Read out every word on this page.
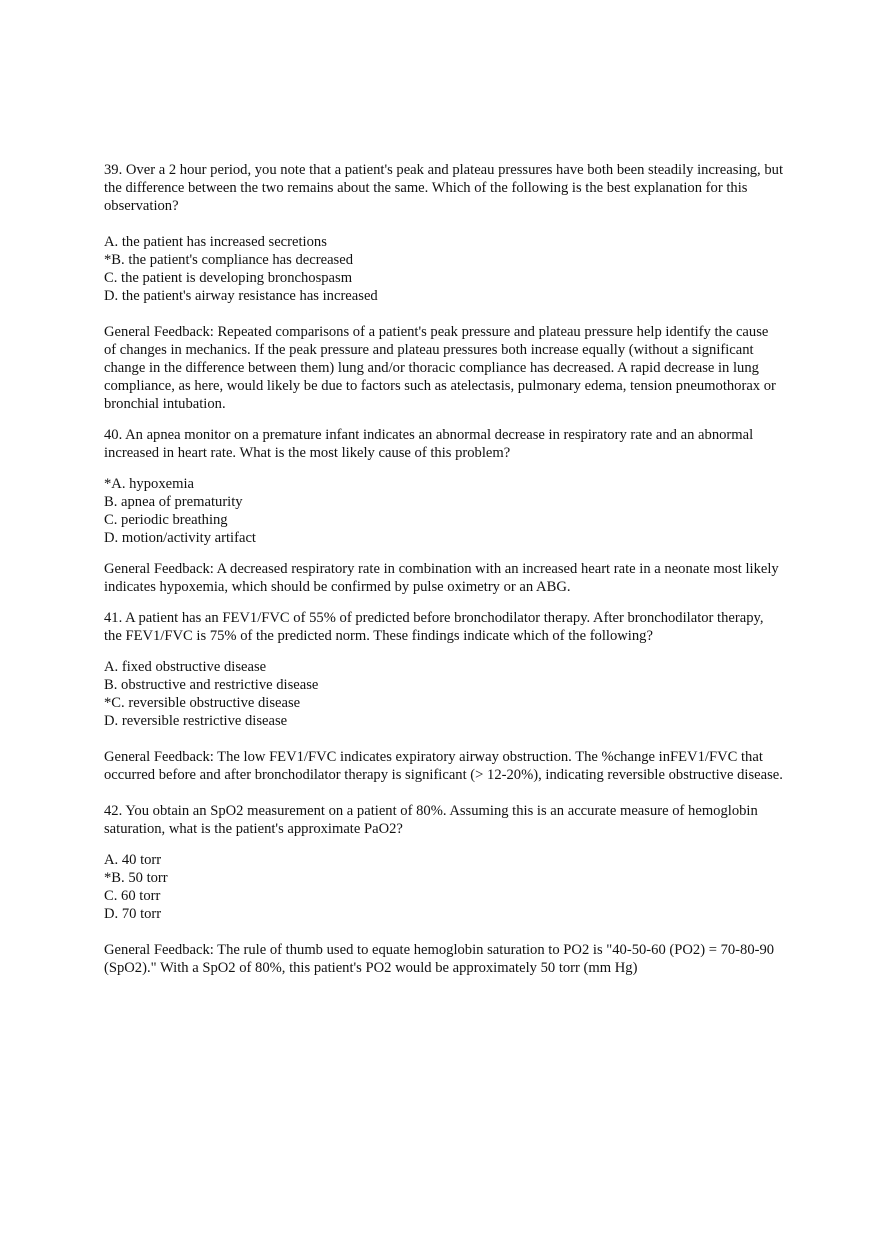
39. Over a 2 hour period, you note that a patient's peak and plateau pressures have both been steadily increasing, but the difference between the two remains about the same. Which of the following is the best explanation for this observation?

A. the patient has increased secretions
*B. the patient's compliance has decreased
C. the patient is developing bronchospasm
D. the patient's airway resistance has increased

General Feedback: Repeated comparisons of a patient's peak pressure and plateau pressure help identify the cause of changes in mechanics. If the peak pressure and plateau pressures both increase equally (without a significant change in the difference between them) lung and/or thoracic compliance has decreased. A rapid decrease in lung compliance, as here, would likely be due to factors such as atelectasis, pulmonary edema, tension pneumothorax or bronchial intubation.

40. An apnea monitor on a premature infant indicates an abnormal decrease in respiratory rate and an abnormal increased in heart rate. What is the most likely cause of this problem?

*A. hypoxemia
B. apnea of prematurity
C. periodic breathing
D. motion/activity artifact

General Feedback: A decreased respiratory rate in combination with an increased heart rate in a neonate most likely indicates hypoxemia, which should be confirmed by pulse oximetry or an ABG.

41. A patient has an FEV1/FVC of 55% of predicted before bronchodilator therapy. After bronchodilator therapy, the FEV1/FVC is 75% of the predicted norm. These findings indicate which of the following?

A. fixed obstructive disease
B. obstructive and restrictive disease
*C. reversible obstructive disease
D. reversible restrictive disease

General Feedback: The low FEV1/FVC indicates expiratory airway obstruction. The %change inFEV1/FVC that occurred before and after bronchodilator therapy is significant (> 12-20%), indicating reversible obstructive disease.

42. You obtain an SpO2 measurement on a patient of 80%. Assuming this is an accurate measure of hemoglobin saturation, what is the patient's approximate PaO2?

A. 40 torr
*B. 50 torr
C. 60 torr
D. 70 torr

General Feedback: The rule of thumb used to equate hemoglobin saturation to PO2 is "40-50-60 (PO2) = 70-80-90 (SpO2)." With a SpO2 of 80%, this patient's PO2 would be approximately 50 torr (mm Hg)
